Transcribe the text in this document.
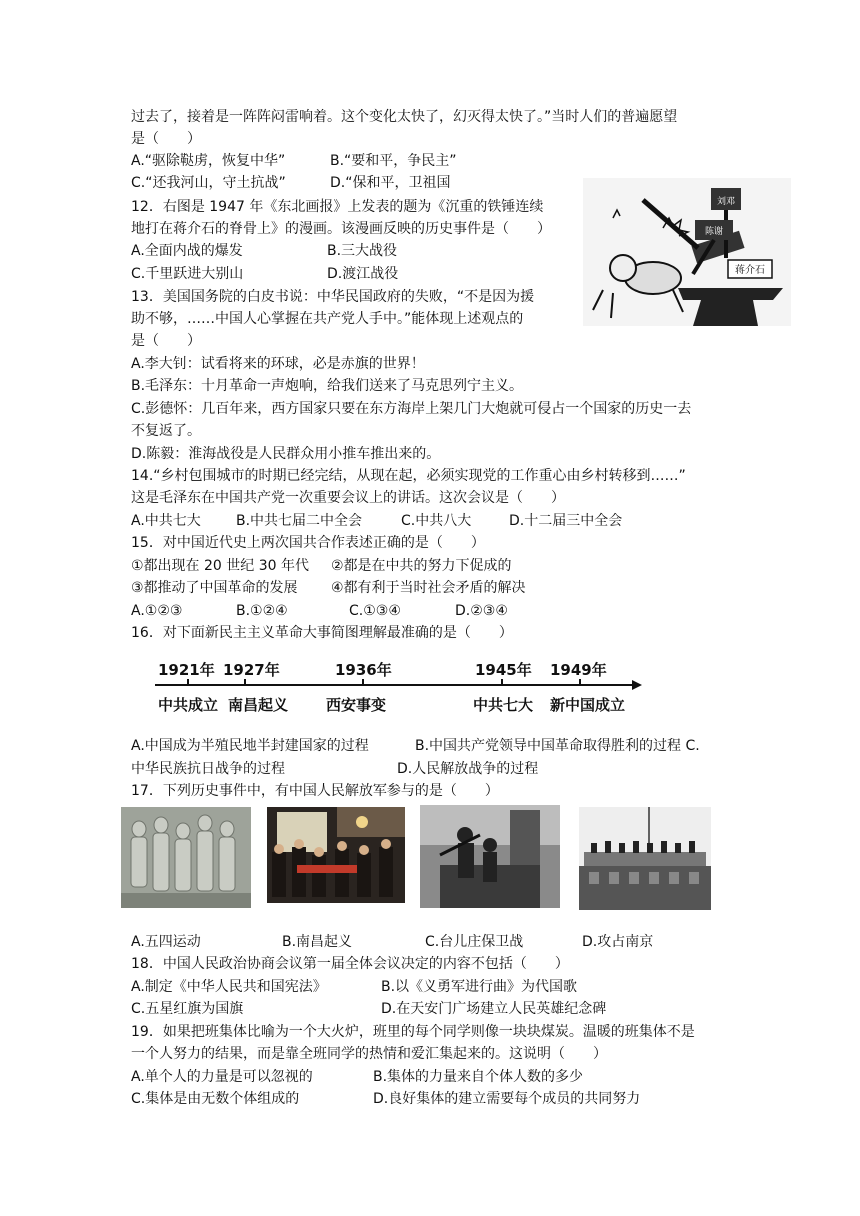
过去了，接着是一阵阵闷雷响着。这个变化太快了，幻灭得太快了。”当时人们的普遍愿望
是（　　）
A.“驱除鞑虏，恢复中华”	B.“要和平，争民主”
C.“还我河山，守土抗战”	D.“保和平，卫祖国
12．右图是 1947 年《东北画报》上发表的题为《沉重的铁锤连续
地打在蒋介石的脊骨上》的漫画。该漫画反映的历史事件是（　　）
A.全面内战的爆发	B.三大战役
C.千里跃进大别山	D.渡江战役
刘邓
陈谢
蒋介石
13．美国国务院的白皮书说：中华民国政府的失败，“不是因为援
助不够，……中国人心掌握在共产党人手中。”能体现上述观点的
是（　　）
A.李大钊：试看将来的环球，必是赤旗的世界！
B.毛泽东：十月革命一声炮响，给我们送来了马克思列宁主义。
C.彭德怀：几百年来，西方国家只要在东方海岸上架几门大炮就可侵占一个国家的历史一去
不复返了。
D.陈毅：淮海战役是人民群众用小推车推出来的。
14.“乡村包围城市的时期已经完结，从现在起，必须实现党的工作重心由乡村转移到……”
这是毛泽东在中国共产党一次重要会议上的讲话。这次会议是（　　）
A.中共七大	B.中共七届二中全会	C.中共八大	D.十二届三中全会
15．对中国近代史上两次国共合作表述正确的是（　　）
①都出现在 20 世纪 30 年代 ②都是在中共的努力下促成的
③都推动了中国革命的发展 ④都有利于当时社会矛盾的解决
A.①②③	B.①②④	C.①③④	D.②③④
16．对下面新民主主义革命大事简图理解最准确的是（　　）
1921年 1927年	1936年	1945年 1949年
中共成立 南昌起义	西安事变	中共七大 新中国成立
A.中国成为半殖民地半封建国家的过程	B.中国共产党领导中国革命取得胜利的过程 C.
中华民族抗日战争的过程	D.人民解放战争的过程
17．下列历史事件中，有中国人民解放军参与的是（　　）
A.五四运动	B.南昌起义	C.台儿庄保卫战	D.攻占南京
18．中国人民政治协商会议第一届全体会议决定的内容不包括（　　）
A.制定《中华人民共和国宪法》	B.以《义勇军进行曲》为代国歌
C.五星红旗为国旗	D.在天安门广场建立人民英雄纪念碑
19．如果把班集体比喻为一个大火炉，班里的每个同学则像一块块煤炭。温暖的班集体不是
一个人努力的结果，而是靠全班同学的热情和爱汇集起来的。这说明（　　）
A.单个人的力量是可以忽视的	B.集体的力量来自个体人数的多少
C.集体是由无数个体组成的	D.良好集体的建立需要每个成员的共同努力
